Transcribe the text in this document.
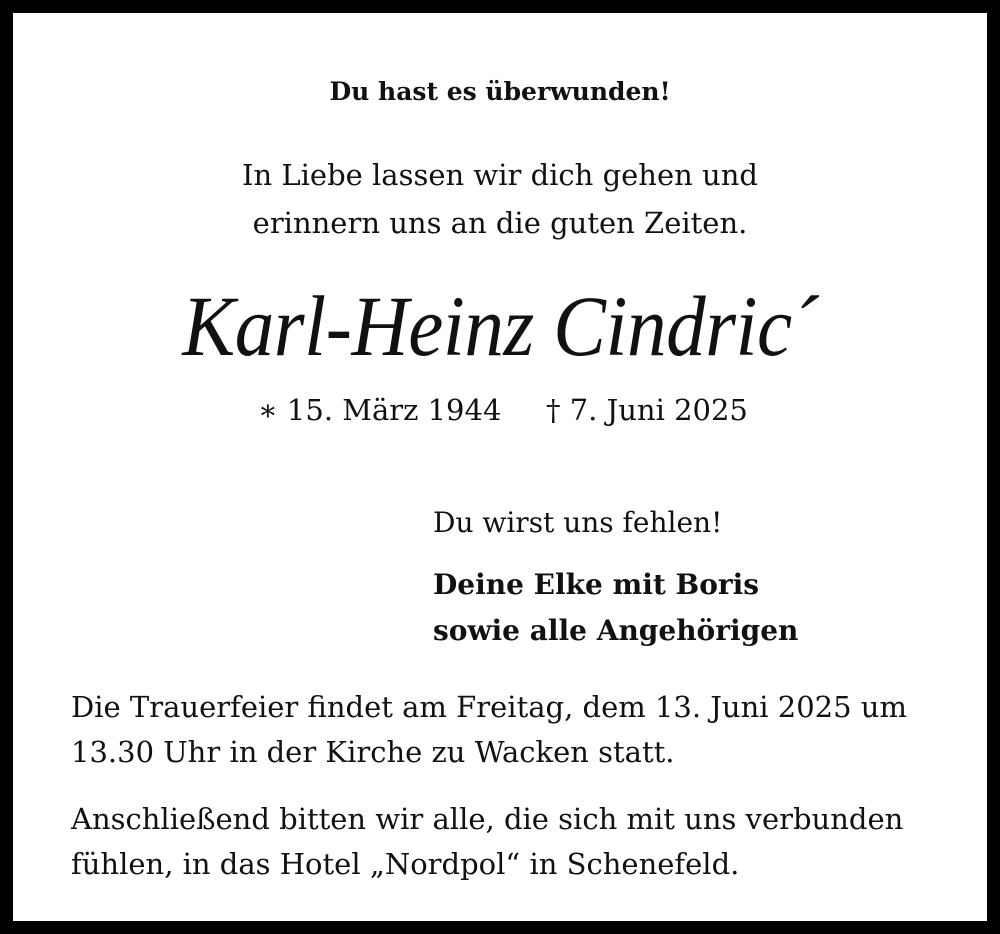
Du hast es überwunden!
In Liebe lassen wir dich gehen und
erinnern uns an die guten Zeiten.
Karl-Heinz Cindric´
∗ 15. März 1944 † 7. Juni 2025
Du wirst uns fehlen!
Deine Elke mit Boris
sowie alle Angehörigen
Die Trauerfeier findet am Freitag, dem 13. Juni 2025 um
13.30 Uhr in der Kirche zu Wacken statt.
Anschließend bitten wir alle, die sich mit uns verbunden
fühlen, in das Hotel „Nordpol“ in Schenefeld.
